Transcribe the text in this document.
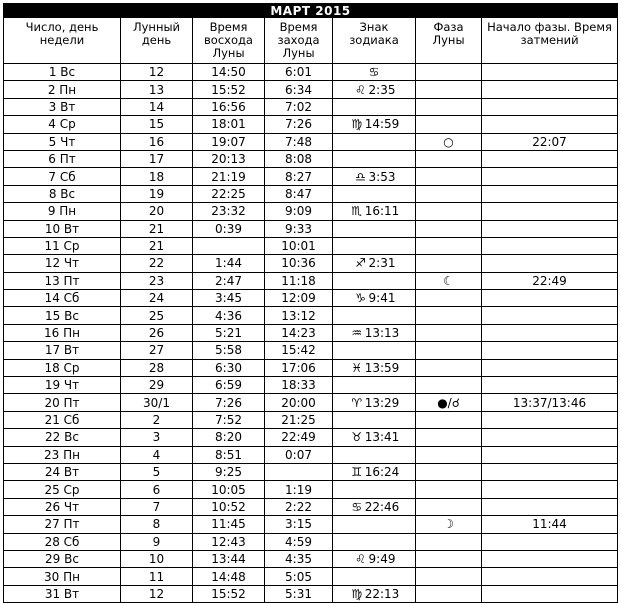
МАРТ 2015						
Число, день недели	Лунный день	Время восхода Луны	Время захода Луны	Знак зодиака	Фаза Луны	Начало фазы. Время затмений
1 Вс	12	14:50	6:01	♋		
2 Пн	13	15:52	6:34	♌ 2:35		
3 Вт	14	16:56	7:02			
4 Ср	15	18:01	7:26	♍ 14:59		
5 Чт	16	19:07	7:48		○	22:07
6 Пт	17	20:13	8:08			
7 Сб	18	21:19	8:27	♎ 3:53		
8 Вс	19	22:25	8:47			
9 Пн	20	23:32	9:09	♏ 16:11		
10 Вт	21	0:39	9:33			
11 Ср	21		10:01			
12 Чт	22	1:44	10:36	♐ 2:31		
13 Пт	23	2:47	11:18		☾	22:49
14 Сб	24	3:45	12:09	♑ 9:41		
15 Вс	25	4:36	13:12			
16 Пн	26	5:21	14:23	♒ 13:13		
17 Вт	27	5:58	15:42			
18 Ср	28	6:30	17:06	♓ 13:59		
19 Чт	29	6:59	18:33			
20 Пт	30/1	7:26	20:00	♈ 13:29	●/☌	13:37/13:46
21 Сб	2	7:52	21:25			
22 Вс	3	8:20	22:49	♉ 13:41		
23 Пн	4	8:51	0:07			
24 Вт	5	9:25		♊ 16:24		
25 Ср	6	10:05	1:19			
26 Чт	7	10:52	2:22	♋ 22:46		
27 Пт	8	11:45	3:15		☽	11:44
28 Сб	9	12:43	4:59			
29 Вс	10	13:44	4:35	♌ 9:49		
30 Пн	11	14:48	5:05			
31 Вт	12	15:52	5:31	♍ 22:13		
